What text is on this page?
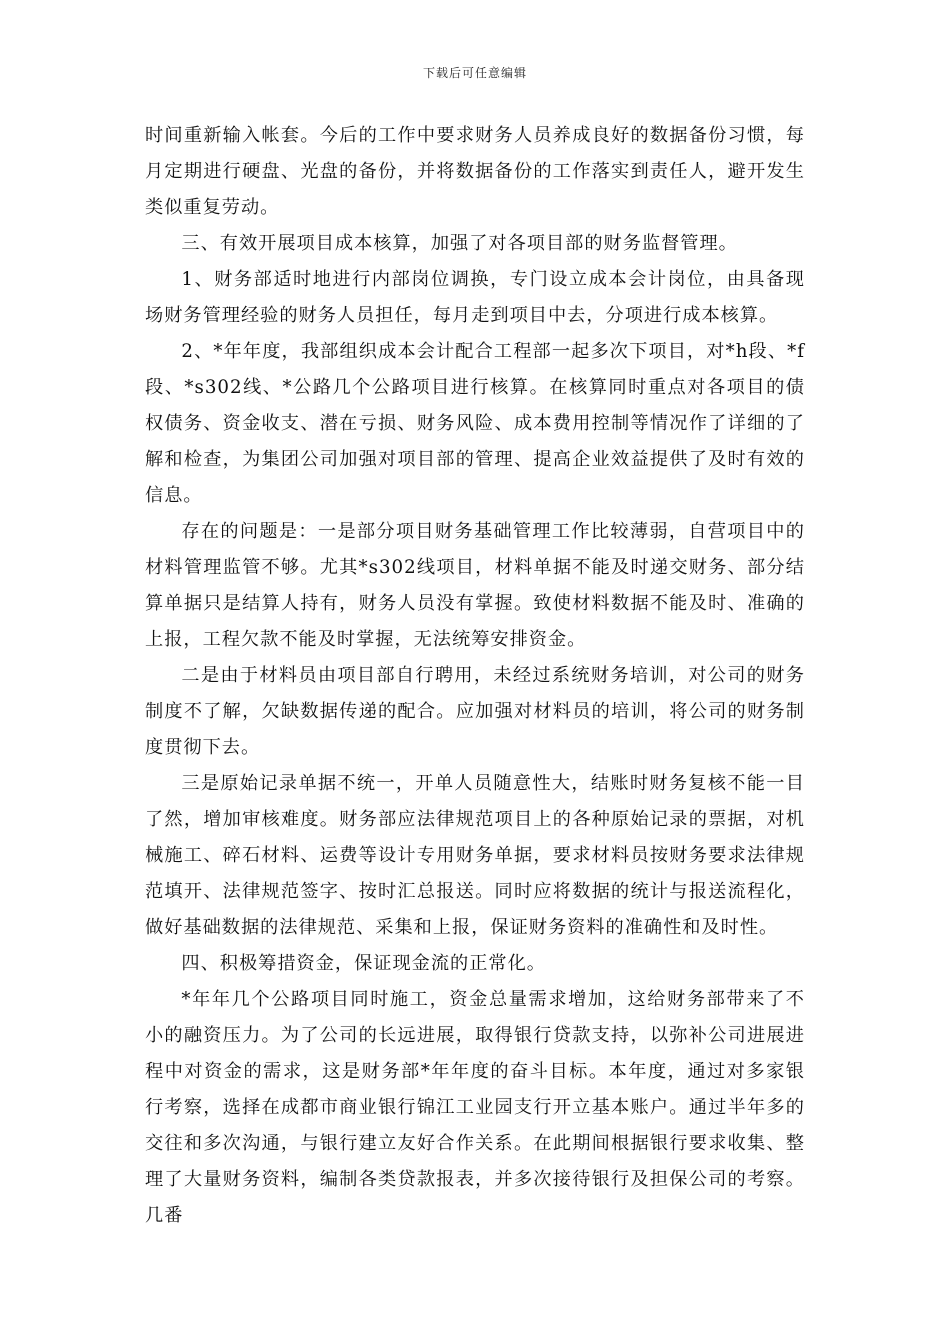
下载后可任意编辑

时间重新输入帐套。今后的工作中要求财务人员养成良好的数据备份习惯，每月定期进行硬盘、光盘的备份，并将数据备份的工作落实到责任人，避开发生类似重复劳动。

三、有效开展项目成本核算，加强了对各项目部的财务监督管理。

1、财务部适时地进行内部岗位调换，专门设立成本会计岗位，由具备现场财务管理经验的财务人员担任，每月走到项目中去，分项进行成本核算。

2、*年年度，我部组织成本会计配合工程部一起多次下项目，对*h段、*f段、*s302线、*公路几个公路项目进行核算。在核算同时重点对各项目的债权债务、资金收支、潜在亏损、财务风险、成本费用控制等情况作了详细的了解和检查，为集团公司加强对项目部的管理、提高企业效益提供了及时有效的信息。

存在的问题是：一是部分项目财务基础管理工作比较薄弱，自营项目中的材料管理监管不够。尤其*s302线项目，材料单据不能及时递交财务、部分结算单据只是结算人持有，财务人员没有掌握。致使材料数据不能及时、准确的上报，工程欠款不能及时掌握，无法统筹安排资金。

二是由于材料员由项目部自行聘用，未经过系统财务培训，对公司的财务制度不了解，欠缺数据传递的配合。应加强对材料员的培训，将公司的财务制度贯彻下去。

三是原始记录单据不统一，开单人员随意性大，结账时财务复核不能一目了然，增加审核难度。财务部应法律规范项目上的各种原始记录的票据，对机械施工、碎石材料、运费等设计专用财务单据，要求材料员按财务要求法律规范填开、法律规范签字、按时汇总报送。同时应将数据的统计与报送流程化，做好基础数据的法律规范、采集和上报，保证财务资料的准确性和及时性。

四、积极筹措资金，保证现金流的正常化。

*年年几个公路项目同时施工，资金总量需求增加，这给财务部带来了不小的融资压力。为了公司的长远进展，取得银行贷款支持，以弥补公司进展进程中对资金的需求，这是财务部*年年度的奋斗目标。本年度，通过对多家银行考察，选择在成都市商业银行锦江工业园支行开立基本账户。通过半年多的交往和多次沟通，与银行建立友好合作关系。在此期间根据银行要求收集、整理了大量财务资料，编制各类贷款报表，并多次接待银行及担保公司的考察。几番
